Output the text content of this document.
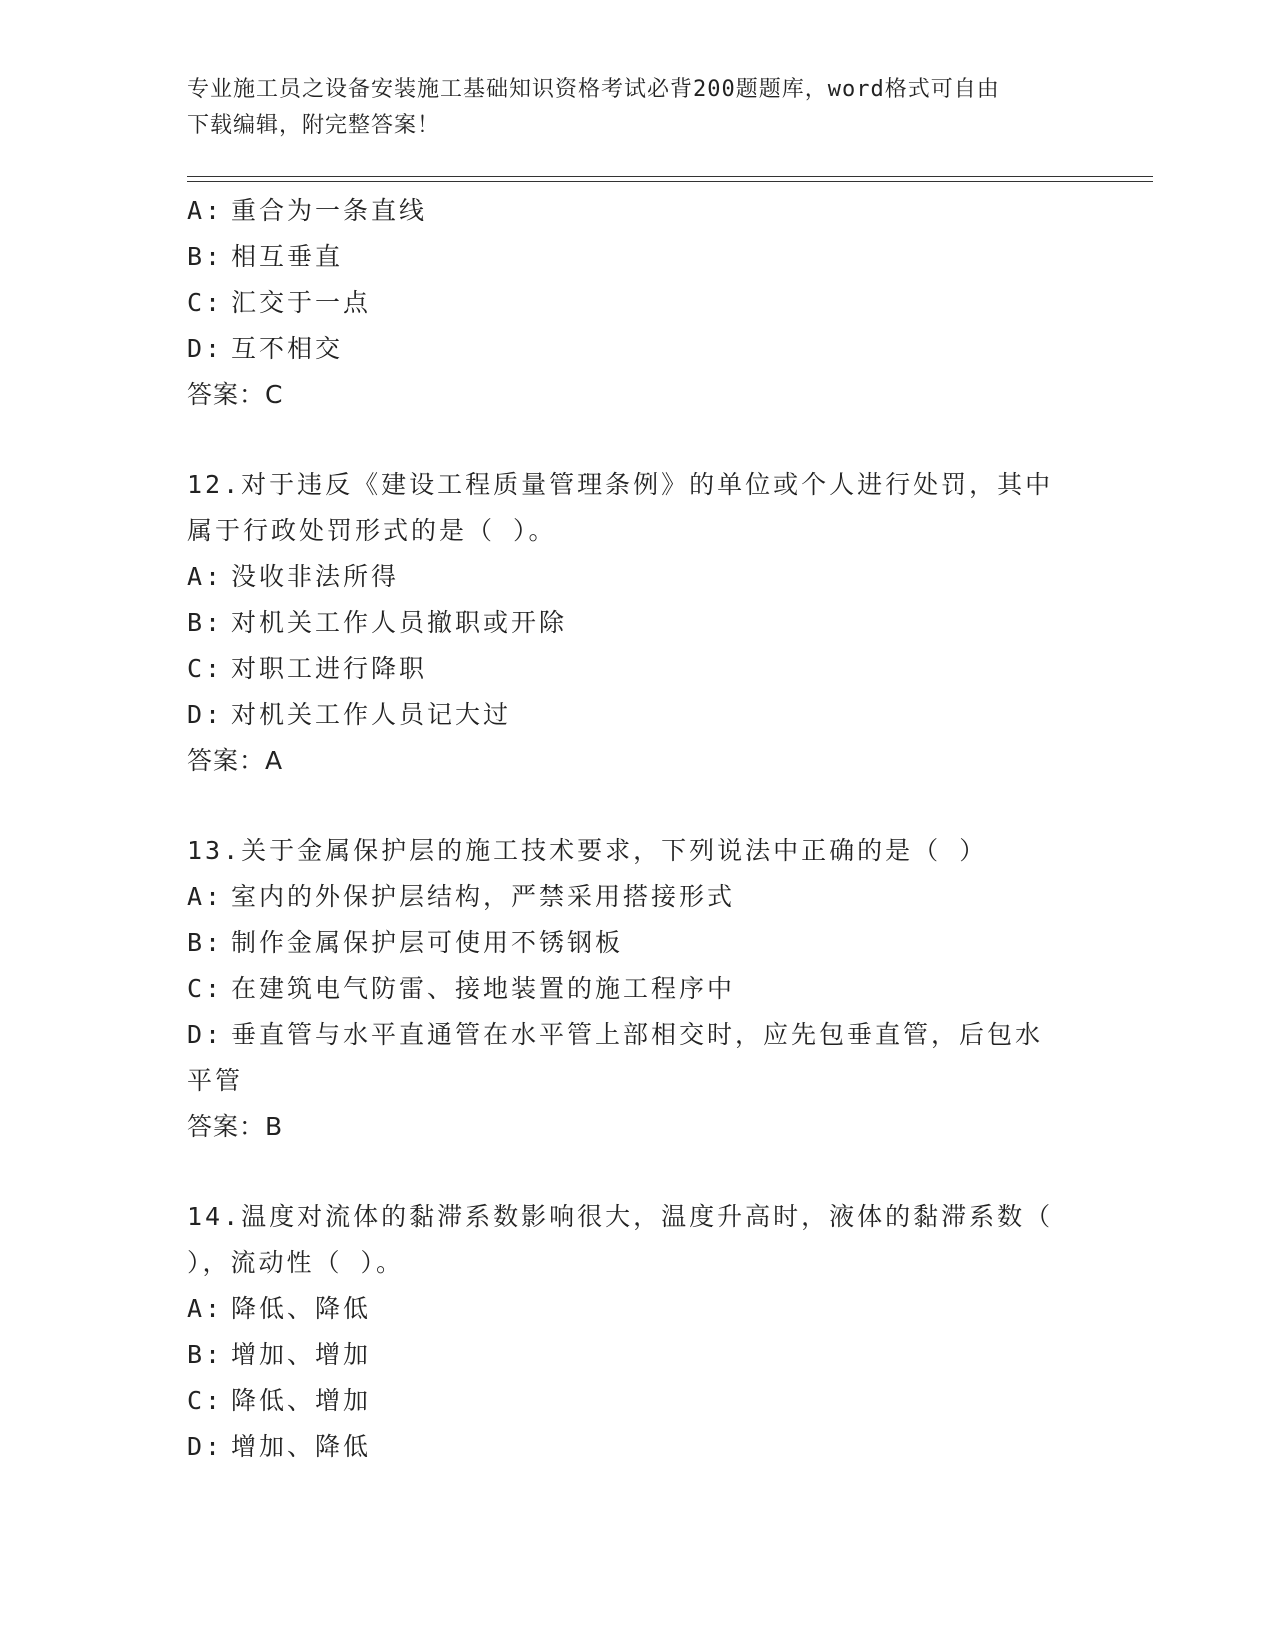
专业施工员之设备安装施工基础知识资格考试必背200题题库，word格式可自由
下载编辑，附完整答案！
A: 重合为一条直线
B: 相互垂直
C: 汇交于一点
D: 互不相交
答案：C
12.对于违反《建设工程质量管理条例》的单位或个人进行处罚，其中
属于行政处罚形式的是（ ）。
A: 没收非法所得
B: 对机关工作人员撤职或开除
C: 对职工进行降职
D: 对机关工作人员记大过
答案：A
13.关于金属保护层的施工技术要求，下列说法中正确的是（ ）
A: 室内的外保护层结构，严禁采用搭接形式
B: 制作金属保护层可使用不锈钢板
C: 在建筑电气防雷、接地装置的施工程序中
D: 垂直管与水平直通管在水平管上部相交时，应先包垂直管，后包水
平管
答案：B
14.温度对流体的黏滞系数影响很大，温度升高时，液体的黏滞系数（
），流动性（ ）。
A: 降低、降低
B: 增加、增加
C: 降低、增加
D: 增加、降低
